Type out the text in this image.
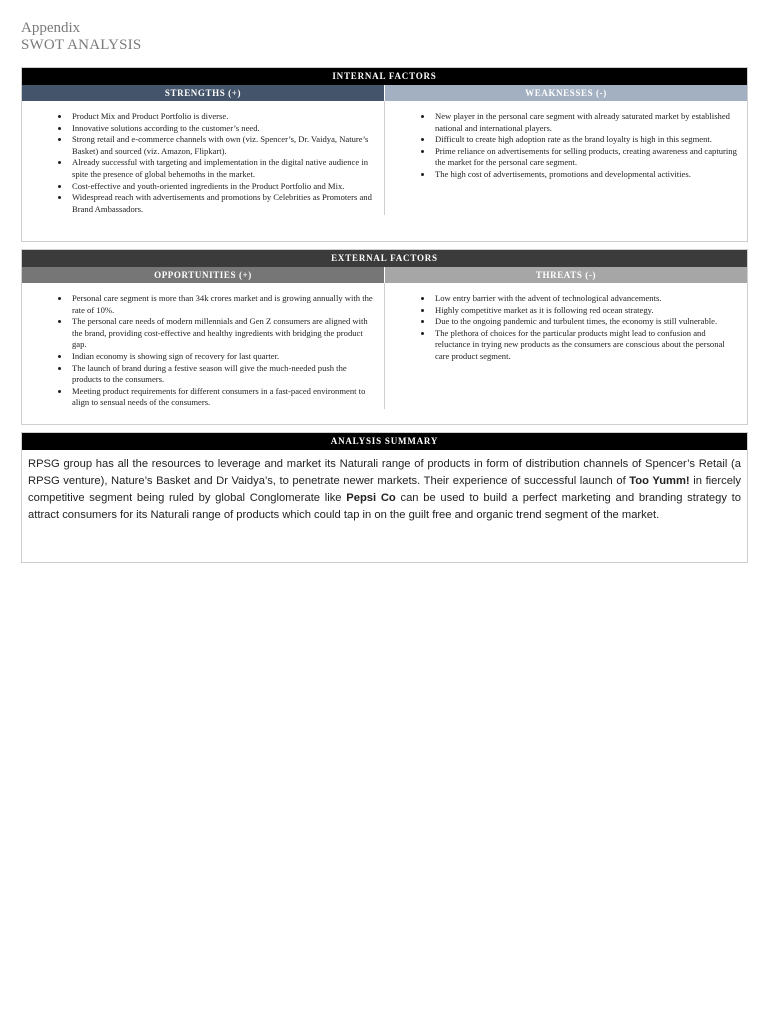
Appendix
SWOT ANALYSIS
INTERNAL FACTORS
STRENGTHS (+)	WEAKNESSES (-)
• Product Mix and Product Portfolio is diverse.
• Innovative solutions according to the customer’s need.
• Strong retail and e-commerce channels with own (viz. Spencer’s, Dr. Vaidya, Nature’s Basket) and sourced (viz. Amazon, Flipkart).
• Already successful with targeting and implementation in the digital native audience in spite the presence of global behemoths in the market.
• Cost-effective and youth-oriented ingredients in the Product Portfolio and Mix.
• Widespread reach with advertisements and promotions by Celebrities as Promoters and Brand Ambassadors.
• New player in the personal care segment with already saturated market by established national and international players.
• Difficult to create high adoption rate as the brand loyalty is high in this segment.
• Prime reliance on advertisements for selling products, creating awareness and capturing the market for the personal care segment.
• The high cost of advertisements, promotions and developmental activities.
EXTERNAL FACTORS
OPPORTUNITIES (+)	THREATS (-)
• Personal care segment is more than 34k crores market and is growing annually with the rate of 10%.
• The personal care needs of modern millennials and Gen Z consumers are aligned with the brand, providing cost-effective and healthy ingredients with bridging the product gap.
• Indian economy is showing sign of recovery for last quarter.
• The launch of brand during a festive season will give the much-needed push the products to the consumers.
• Meeting product requirements for different consumers in a fast-paced environment to align to sensual needs of the consumers.
• Low entry barrier with the advent of technological advancements.
• Highly competitive market as it is following red ocean strategy.
• Due to the ongoing pandemic and turbulent times, the economy is still vulnerable.
• The plethora of choices for the particular products might lead to confusion and reluctance in trying new products as the consumers are conscious about the personal care product segment.
ANALYSIS SUMMARY
RPSG group has all the resources to leverage and market its Naturali range of products in form of distribution channels of Spencer’s Retail (a RPSG venture), Nature’s Basket and Dr Vaidya’s, to penetrate newer markets. Their experience of successful launch of Too Yumm! in fiercely competitive segment being ruled by global Conglomerate like Pepsi Co can be used to build a perfect marketing and branding strategy to attract consumers for its Naturali range of products which could tap in on the guilt free and organic trend segment of the market.
